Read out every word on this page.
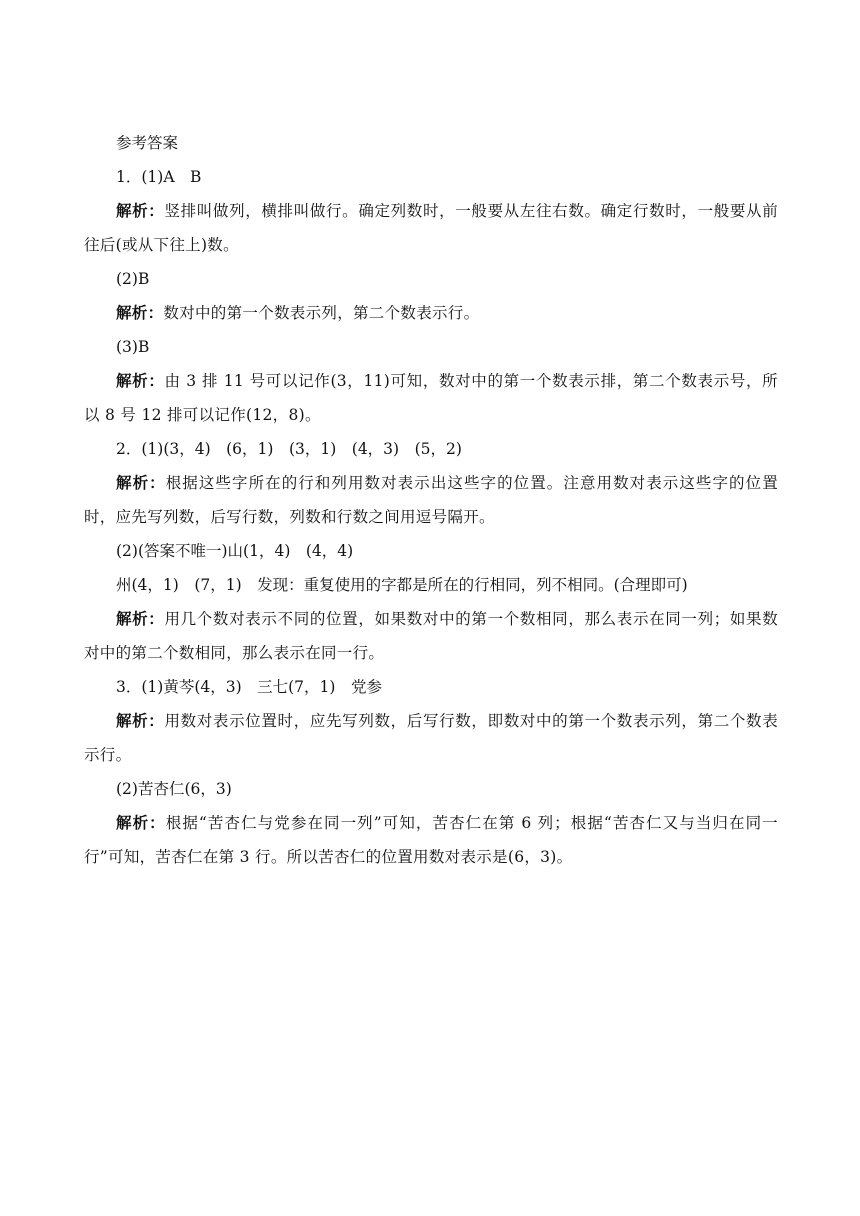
参考答案

1．(1)A　B

解析：竖排叫做列，横排叫做行。确定列数时，一般要从左往右数。确定行数时，一般要从前往后(或从下往上)数。

(2)B

解析：数对中的第一个数表示列，第二个数表示行。

(3)B

解析：由 3 排 11 号可以记作(3，11)可知，数对中的第一个数表示排，第二个数表示号，所以 8 号 12 排可以记作(12，8)。

2．(1)(3，4)　(6，1)　(3，1)　(4，3)　(5，2)

解析：根据这些字所在的行和列用数对表示出这些字的位置。注意用数对表示这些字的位置时，应先写列数，后写行数，列数和行数之间用逗号隔开。

(2)(答案不唯一)山(1，4)　(4，4)

州(4，1)　(7，1)　发现：重复使用的字都是所在的行相同，列不相同。(合理即可)

解析：用几个数对表示不同的位置，如果数对中的第一个数相同，那么表示在同一列；如果数对中的第二个数相同，那么表示在同一行。

3．(1)黄芩(4，3)　三七(7，1)　党参

解析：用数对表示位置时，应先写列数，后写行数，即数对中的第一个数表示列，第二个数表示行。

(2)苦杏仁(6，3)

解析：根据“苦杏仁与党参在同一列”可知，苦杏仁在第 6 列；根据“苦杏仁又与当归在同一行”可知，苦杏仁在第 3 行。所以苦杏仁的位置用数对表示是(6，3)。
